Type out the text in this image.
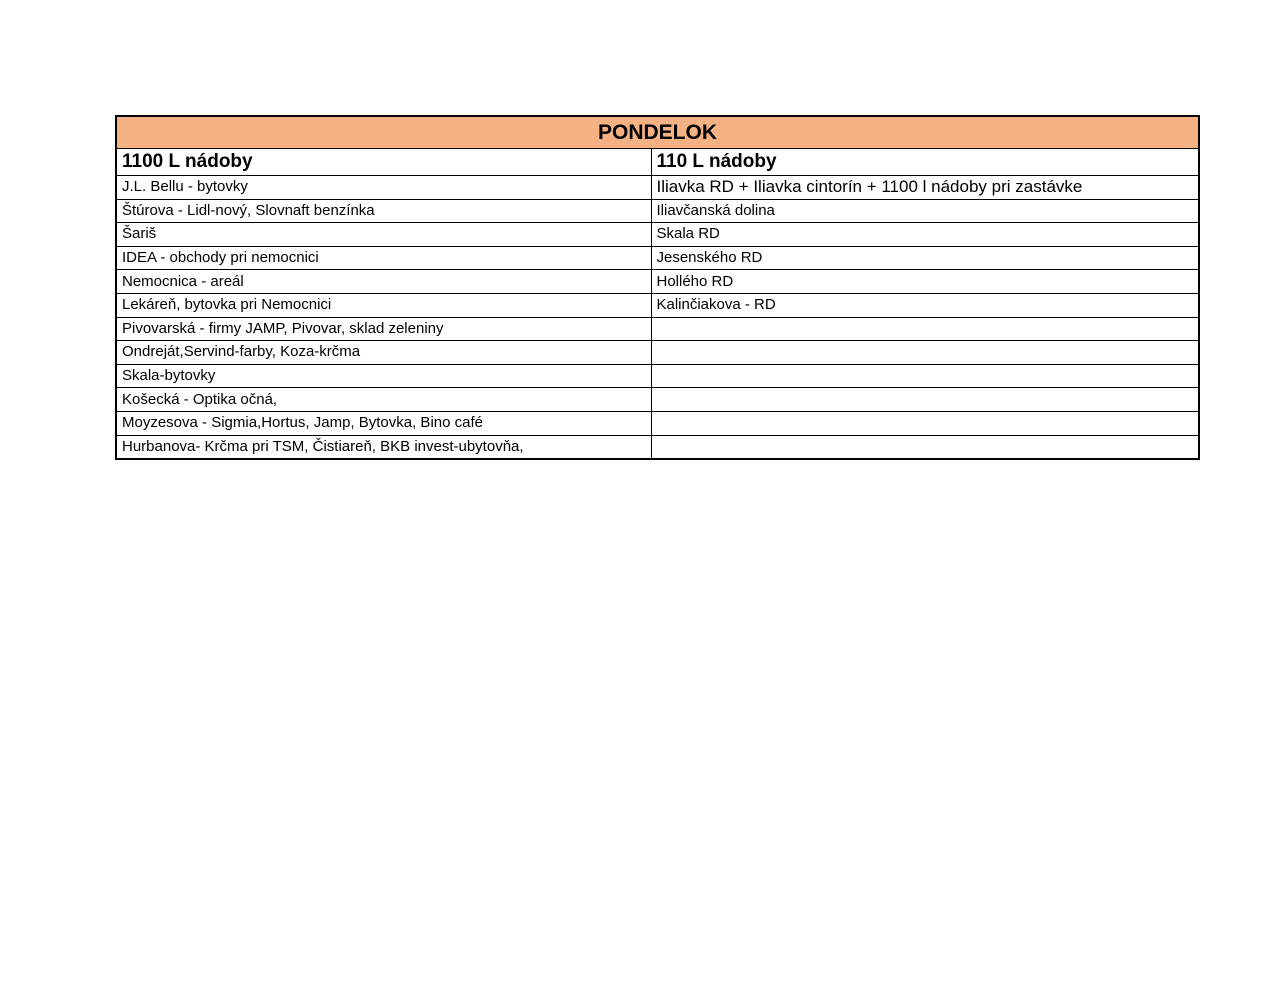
PONDELOK	
1100 L nádoby	110 L nádoby
J.L. Bellu - bytovky	Iliavka RD + Iliavka cintorín + 1100 l nádoby pri zastávke
Štúrova - Lidl-nový, Slovnaft benzínka	Iliavčanská dolina
Šariš	Skala RD
IDEA - obchody pri nemocnici	Jesenského RD
Nemocnica - areál	Hollého RD
Lekáreň, bytovka pri Nemocnici	Kalinčiakova - RD
Pivovarská - firmy JAMP, Pivovar, sklad zeleniny	
Ondreját,Servind-farby, Koza-krčma	
Skala-bytovky	
Košecká - Optika očná,	
Moyzesova - Sigmia,Hortus, Jamp, Bytovka, Bino café	
Hurbanova- Krčma pri TSM, Čistiareň, BKB invest-ubytovňa,	
